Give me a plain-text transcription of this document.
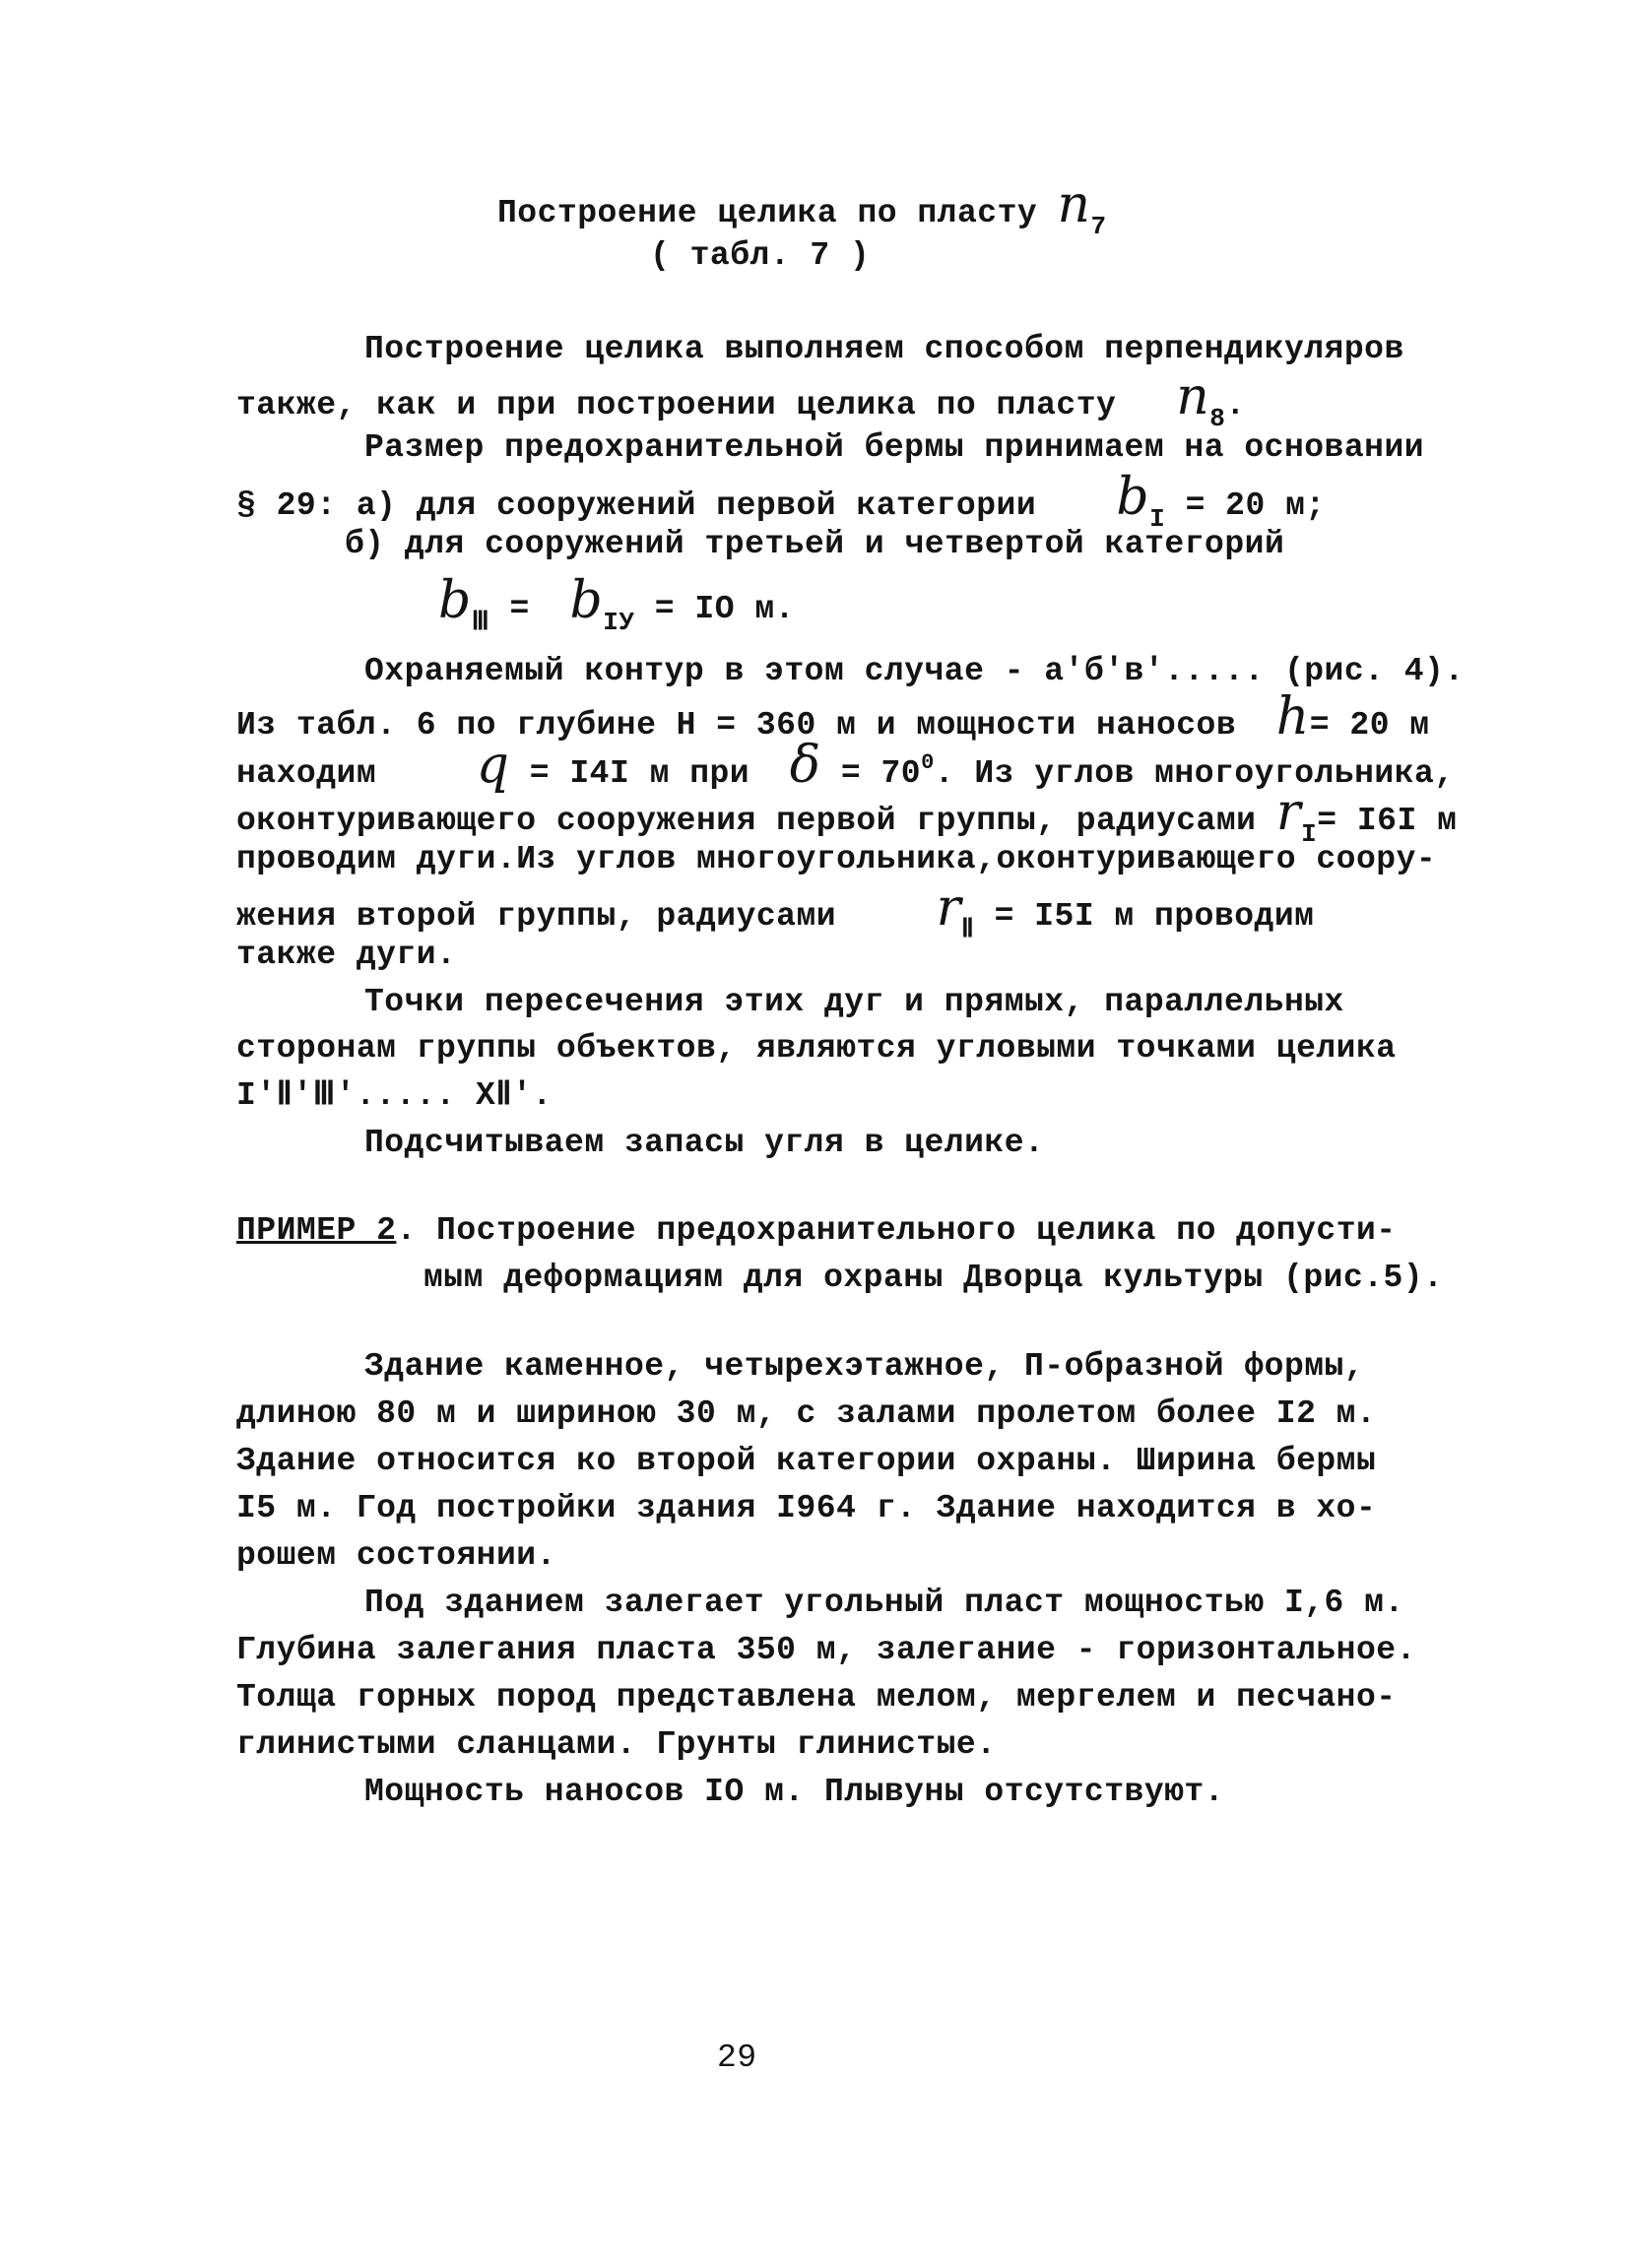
Построение целика по пласту $n_7$
( табл. 7 )
Построение целика выполняем способом перпендикуляров
также, как и при построении целика по пласту $n_8$.
Размер предохранительной бермы принимаем на основании
§ 29: а) для сооружений первой категории $b_I = 20$ м;
б) для сооружений третьей и четвертой категорий
$b_Ⅲ = b_{IУ}$ = IO м.
Охраняемый контур в этом случае - а′б′в′..... (рис. 4).
Из табл. 6 по глубине Н = 360 м и мощности наносов h= 20 м
находим q = I4I м при $\delta = 70^0$. Из углов многоугольника,
оконтуривающего сооружения первой группы, радиусами $r_I= I6I$ м
проводим дуги.Из углов многоугольника,оконтуривающего соору-
жения второй группы, радиусами $r_Ⅱ = I5I$ м проводим
также дуги.
Точки пересечения этих дуг и прямых, параллельных
сторонам группы объектов, являются угловыми точками целика
I′Ⅱ′Ⅲ′..... XⅡ′.
Подсчитываем запасы угля в целике.
ПРИМЕР 2. Построение предохранительного целика по допусти-
мым деформациям для охраны Дворца культуры (рис.5).
Здание каменное, четырехэтажное, П-образной формы,
длиною 80 м и шириною 30 м, с залами пролетом более I2 м.
Здание относится ко второй категории охраны. Ширина бермы
I5 м. Год постройки здания I964 г. Здание находится в хо-
рошем состоянии.
Под зданием залегает угольный пласт мощностью I,6 м.
Глубина залегания пласта 350 м, залегание - горизонтальное.
Толща горных пород представлена мелом, мергелем и песчано-
глинистыми сланцами. Грунты глинистые.
Мощность наносов IO м. Плывуны отсутствуют.
29
